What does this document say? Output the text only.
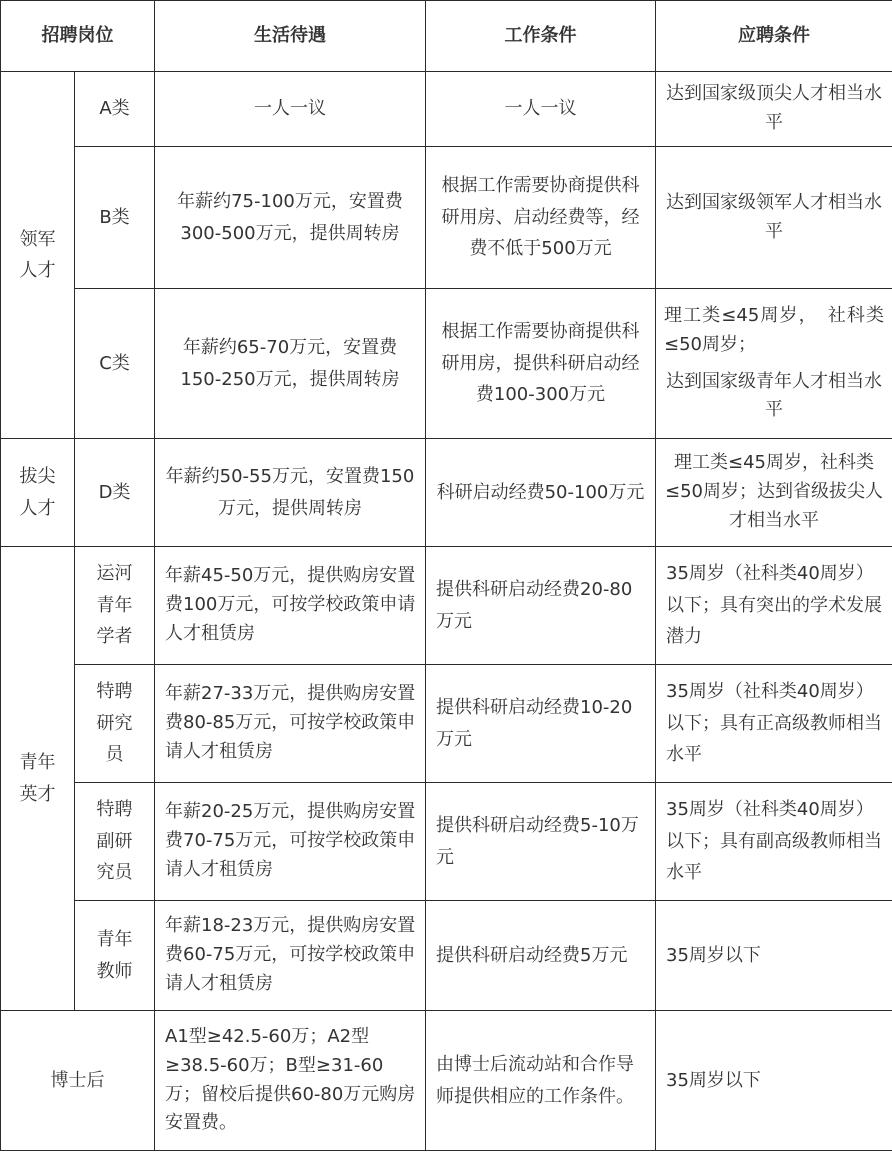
招聘岗位		生活待遇	工作条件	应聘条件
领军
人才	A类	一人一议	一人一议	达到国家级顶尖人才相当水平
	B类	年薪约75-100万元，安置费300-500万元，提供周转房	根据工作需要协商提供科研用房、启动经费等，经费不低于500万元	达到国家级领军人才相当水平
	C类	年薪约65-70万元，安置费150-250万元，提供周转房	根据工作需要协商提供科研用房，提供科研启动经费100-300万元	理工类≤45周岁，　社科类≤50周岁；
达到国家级青年人才相当水平

拔尖
人才	D类	年薪约50-55万元，安置费150万元，提供周转房	科研启动经费50-100万元	理工类≤45周岁，社科类≤50周岁；达到省级拔尖人才相当水平
青年
英才	运河
青年
学者	年薪45-50万元，提供购房安置费100万元，可按学校政策申请人才租赁房	提供科研启动经费20-80万元	35周岁（社科类40周岁）以下；具有突出的学术发展潜力
	特聘
研究
员	年薪27-33万元，提供购房安置费80-85万元，可按学校政策申请人才租赁房	提供科研启动经费10-20万元	35周岁（社科类40周岁）以下；具有正高级教师相当水平
	特聘
副研
究员	年薪20-25万元，提供购房安置费70-75万元，可按学校政策申请人才租赁房	提供科研启动经费5-10万元	35周岁（社科类40周岁）以下；具有副高级教师相当水平
	青年
教师	年薪18-23万元，提供购房安置费60-75万元，可按学校政策申请人才租赁房	提供科研启动经费5万元	35周岁以下
博士后		A1型≥42.5-60万；A2型≥38.5-60万；B型≥31-60万；留校后提供60-80万元购房安置费。	由博士后流动站和合作导师提供相应的工作条件。	35周岁以下
